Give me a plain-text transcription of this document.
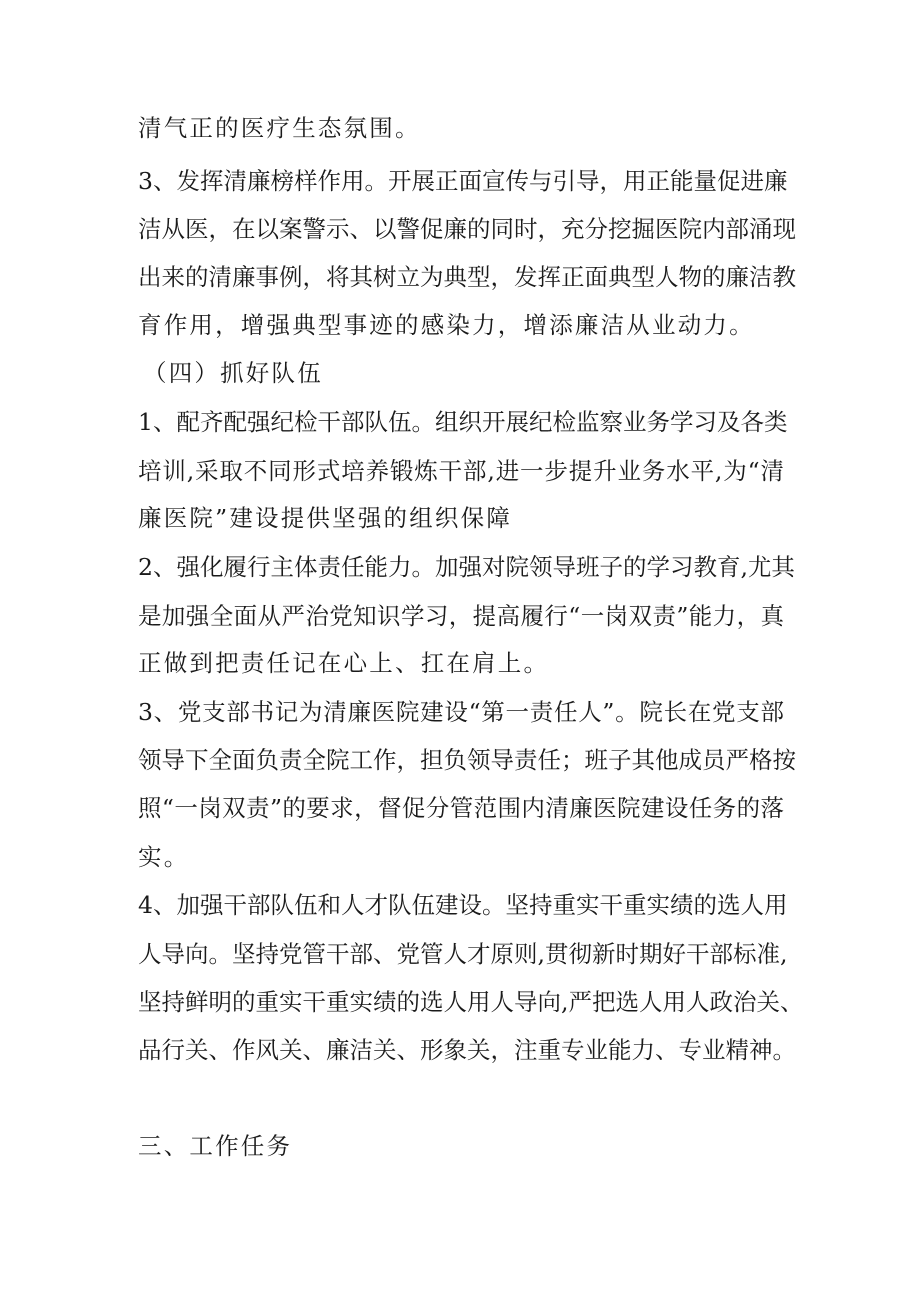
清气正的医疗生态氛围。
3、发挥清廉榜样作用。开展正面宣传与引导，用正能量促进廉
洁从医，在以案警示、以警促廉的同时，充分挖掘医院内部涌现
出来的清廉事例，将其树立为典型，发挥正面典型人物的廉洁教
育作用，增强典型事迹的感染力，增添廉洁从业动力。
（四）抓好队伍
1、配齐配强纪检干部队伍。组织开展纪检监察业务学习及各类
培训,采取不同形式培养锻炼干部,进一步提升业务水平,为“清
廉医院”建设提供坚强的组织保障
2、强化履行主体责任能力。加强对院领导班子的学习教育,尤其
是加强全面从严治党知识学习，提高履行“一岗双责”能力，真
正做到把责任记在心上、扛在肩上。
3、党支部书记为清廉医院建设“第一责任人”。院长在党支部
领导下全面负责全院工作，担负领导责任；班子其他成员严格按
照“一岗双责”的要求，督促分管范围内清廉医院建设任务的落
实。
4、加强干部队伍和人才队伍建设。坚持重实干重实绩的选人用
人导向。坚持党管干部、党管人才原则,贯彻新时期好干部标准,
坚持鲜明的重实干重实绩的选人用人导向,严把选人用人政治关、
品行关、作风关、廉洁关、形象关，注重专业能力、专业精神。
三、工作任务
